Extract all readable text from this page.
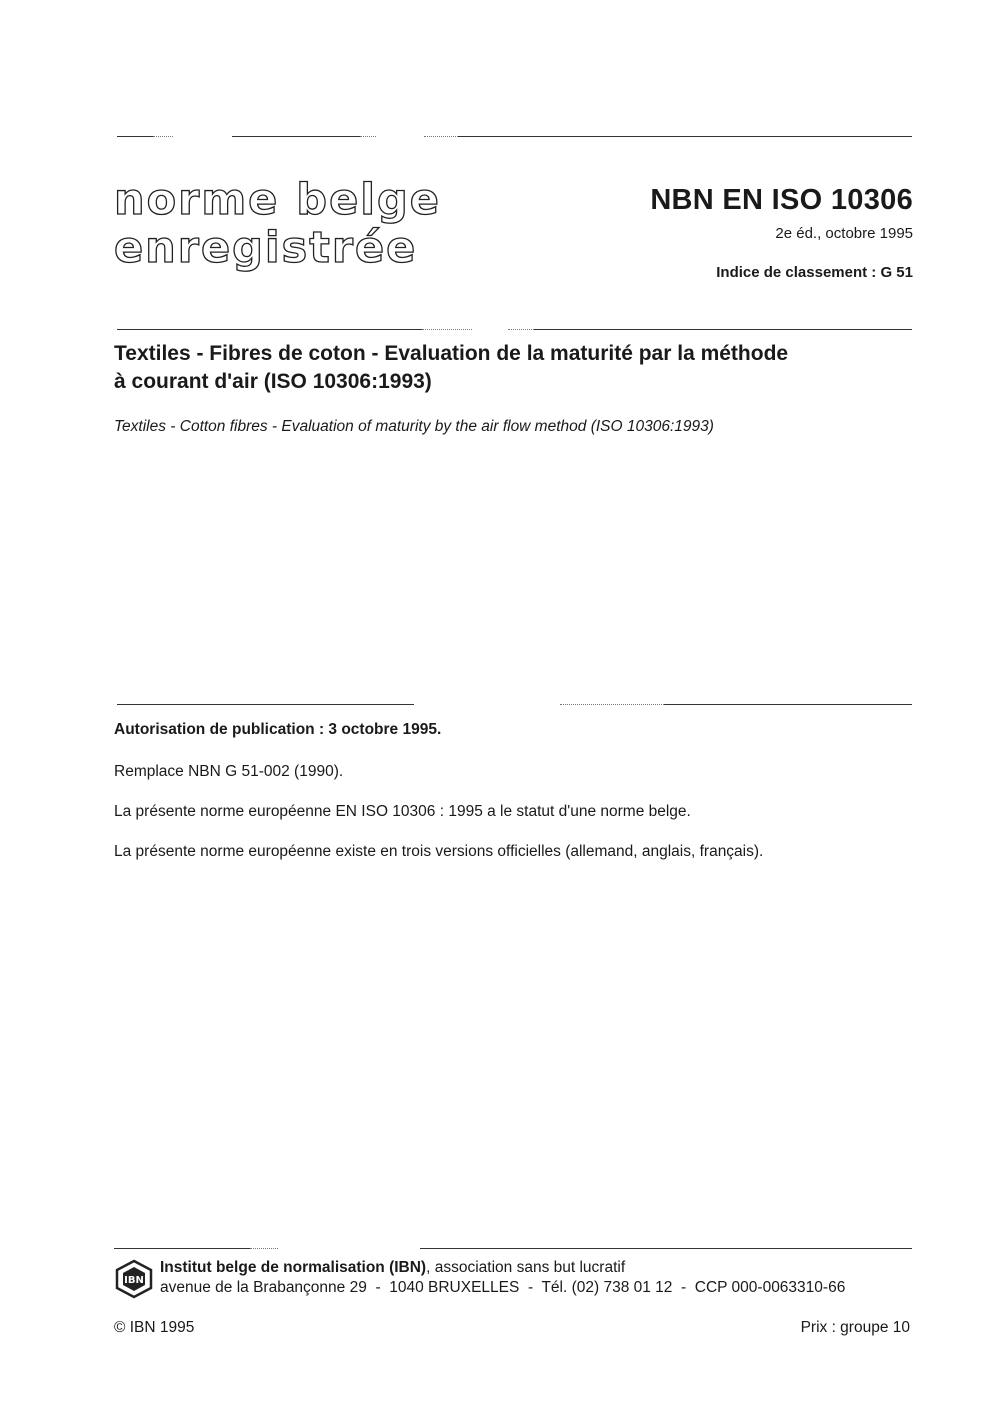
norme belge
enregistrée
NBN EN ISO 10306
2e éd., octobre 1995
Indice de classement : G 51
Textiles - Fibres de coton - Evaluation de la maturité par la méthode
à courant d'air (ISO 10306:1993)
Textiles - Cotton fibres - Evaluation of maturity by the air flow method (ISO 10306:1993)
Autorisation de publication : 3 octobre 1995.
Remplace NBN G 51-002 (1990).
La présente norme européenne EN ISO 10306 : 1995 a le statut d'une norme belge.
La présente norme européenne existe en trois versions officielles (allemand, anglais, français).
IBN
Institut belge de normalisation (IBN), association sans but lucratif
avenue de la Brabançonne 29  -  1040 BRUXELLES  -  Tél. (02) 738 01 12  -  CCP 000-0063310-66
© IBN 1995	Prix : groupe 10
